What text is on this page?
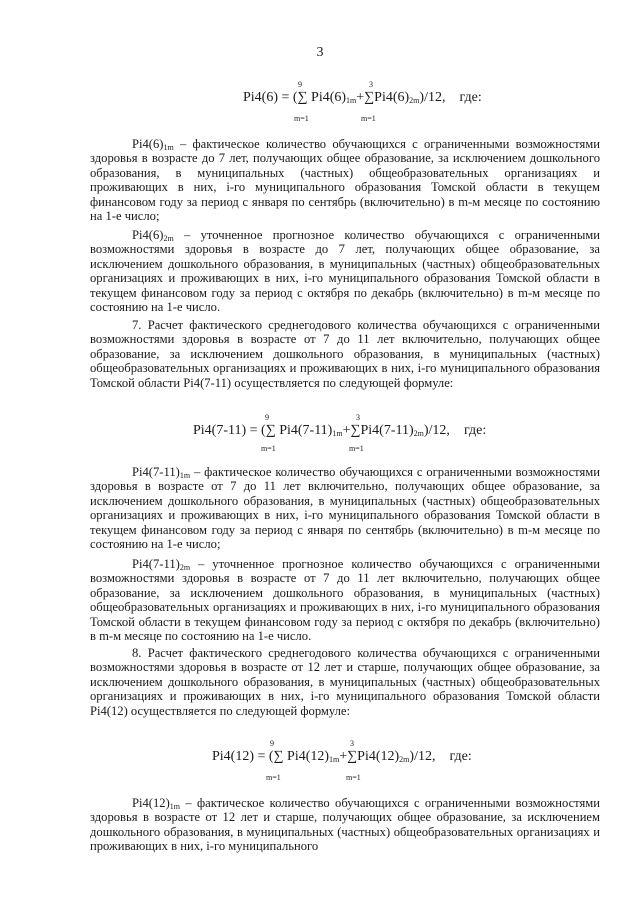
3
9	3
Pi4(6) = (∑ $Pi4(6)_{1m}+\sum Pi4(6)_{2m})/12$, где:
m=1	m=1

$Pi4(6)_{1m}$ – фактическое количество обучающихся с ограниченными возможностями здоровья в возрасте до 7 лет, получающих общее образование, за исключением дошкольного образования, в муниципальных (частных) общеобразовательных организациях и проживающих в них, i-го муниципального образования Томской области в текущем финансовом году за период с января по сентябрь (включительно) в m-м месяце по состоянию на 1-е число;

$Pi4(6)_{2m}$ – уточненное прогнозное количество обучающихся с ограниченными возможностями здоровья в возрасте до 7 лет, получающих общее образование, за исключением дошкольного образования, в муниципальных (частных) общеобразовательных организациях и проживающих в них, i-го муниципального образования Томской области в текущем финансовом году за период с октября по декабрь (включительно) в m-м месяце по состоянию на 1-е число.

7. Расчет фактического среднегодового количества обучающихся с ограниченными возможностями здоровья в возрасте от 7 до 11 лет включительно, получающих общее образование, за исключением дошкольного образования, в муниципальных (частных) общеобразовательных организациях и проживающих в них, i-го муниципального образования Томской области Pi4(7-11) осуществляется по следующей формуле:

9	3
Pi4(7-11) = (∑ $Pi4(7-11)_{1m}+\sum Pi4(7-11)_{2m})/12$, где:
m=1	m=1

$Pi4(7-11)_{1m}$ – фактическое количество обучающихся с ограниченными возможностями здоровья в возрасте от 7 до 11 лет включительно, получающих общее образование, за исключением дошкольного образования, в муниципальных (частных) общеобразовательных организациях и проживающих в них, i-го муниципального образования Томской области в текущем финансовом году за период с января по сентябрь (включительно) в m-м месяце по состоянию на 1-е число;

$Pi4(7-11)_{2m}$ – уточненное прогнозное количество обучающихся с ограниченными возможностями здоровья в возрасте от 7 до 11 лет включительно, получающих общее образование, за исключением дошкольного образования, в муниципальных (частных) общеобразовательных организациях и проживающих в них, i-го муниципального образования Томской области в текущем финансовом году за период с октября по декабрь (включительно) в m-м месяце по состоянию на 1-е число.

8. Расчет фактического среднегодового количества обучающихся с ограниченными возможностями здоровья в возрасте от 12 лет и старше, получающих общее образование, за исключением дошкольного образования, в муниципальных (частных) общеобразовательных организациях и проживающих в них, i-го муниципального образования Томской области Pi4(12) осуществляется по следующей формуле:

9	3
Pi4(12) = (∑ $Pi4(12)_{1m}+\sum Pi4(12)_{2m})/12$, где:
m=1	m=1

$Pi4(12)_{1m}$ – фактическое количество обучающихся с ограниченными возможностями здоровья в возрасте от 12 лет и старше, получающих общее образование, за исключением дошкольного образования, в муниципальных (частных) общеобразовательных организациях и проживающих в них, i-го муниципального
